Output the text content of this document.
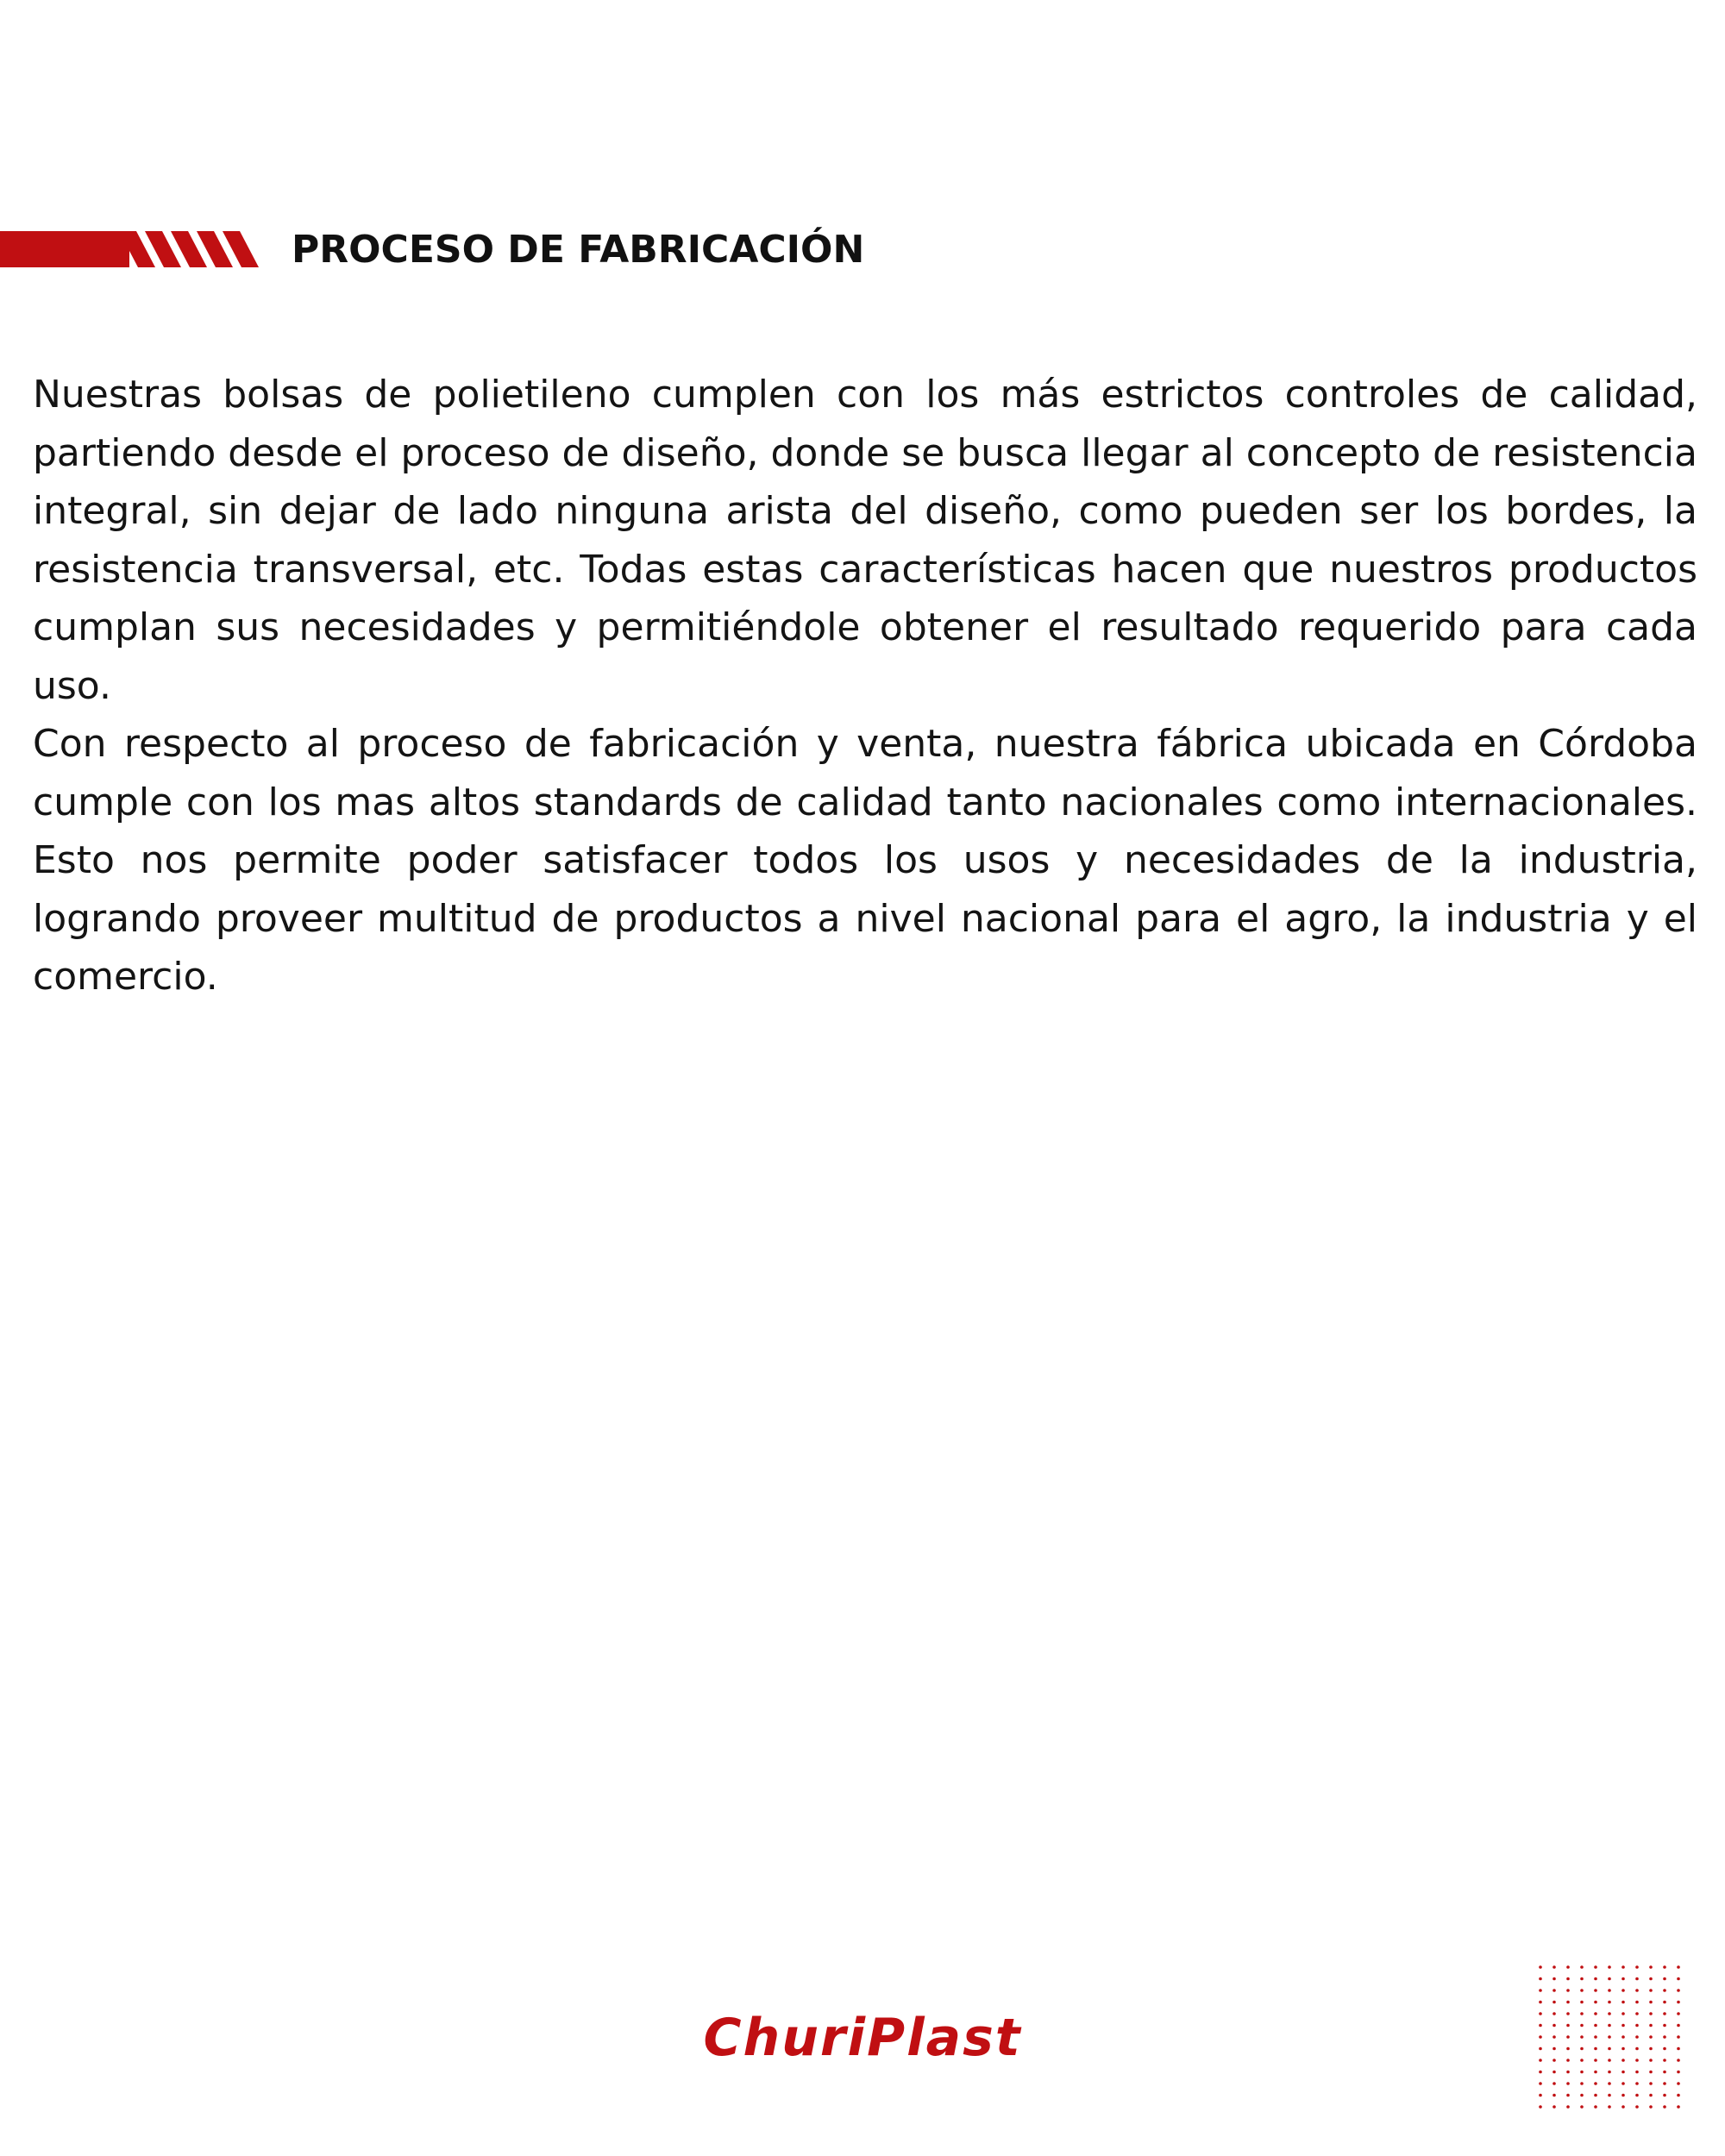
PROCESO DE FABRICACIÓN

Nuestras bolsas de polietileno cumplen con los más estrictos controles de calidad, partiendo desde el proceso de diseño, donde se busca llegar al concepto de resistencia integral, sin dejar de lado ninguna arista del diseño, como pueden ser los bordes, la resistencia transversal, etc. Todas estas características hacen que nuestros productos cumplan sus necesidades y permitiéndole obtener el resultado requerido para cada uso.

Con respecto al proceso de fabricación y venta, nuestra fábrica ubicada en Córdoba cumple con los mas altos standards de calidad tanto nacionales como internacionales. Esto nos permite poder satisfacer todos los usos y necesidades de la industria, logrando proveer multitud de productos a nivel nacional para el agro, la industria y el comercio.

ChuriPlast
